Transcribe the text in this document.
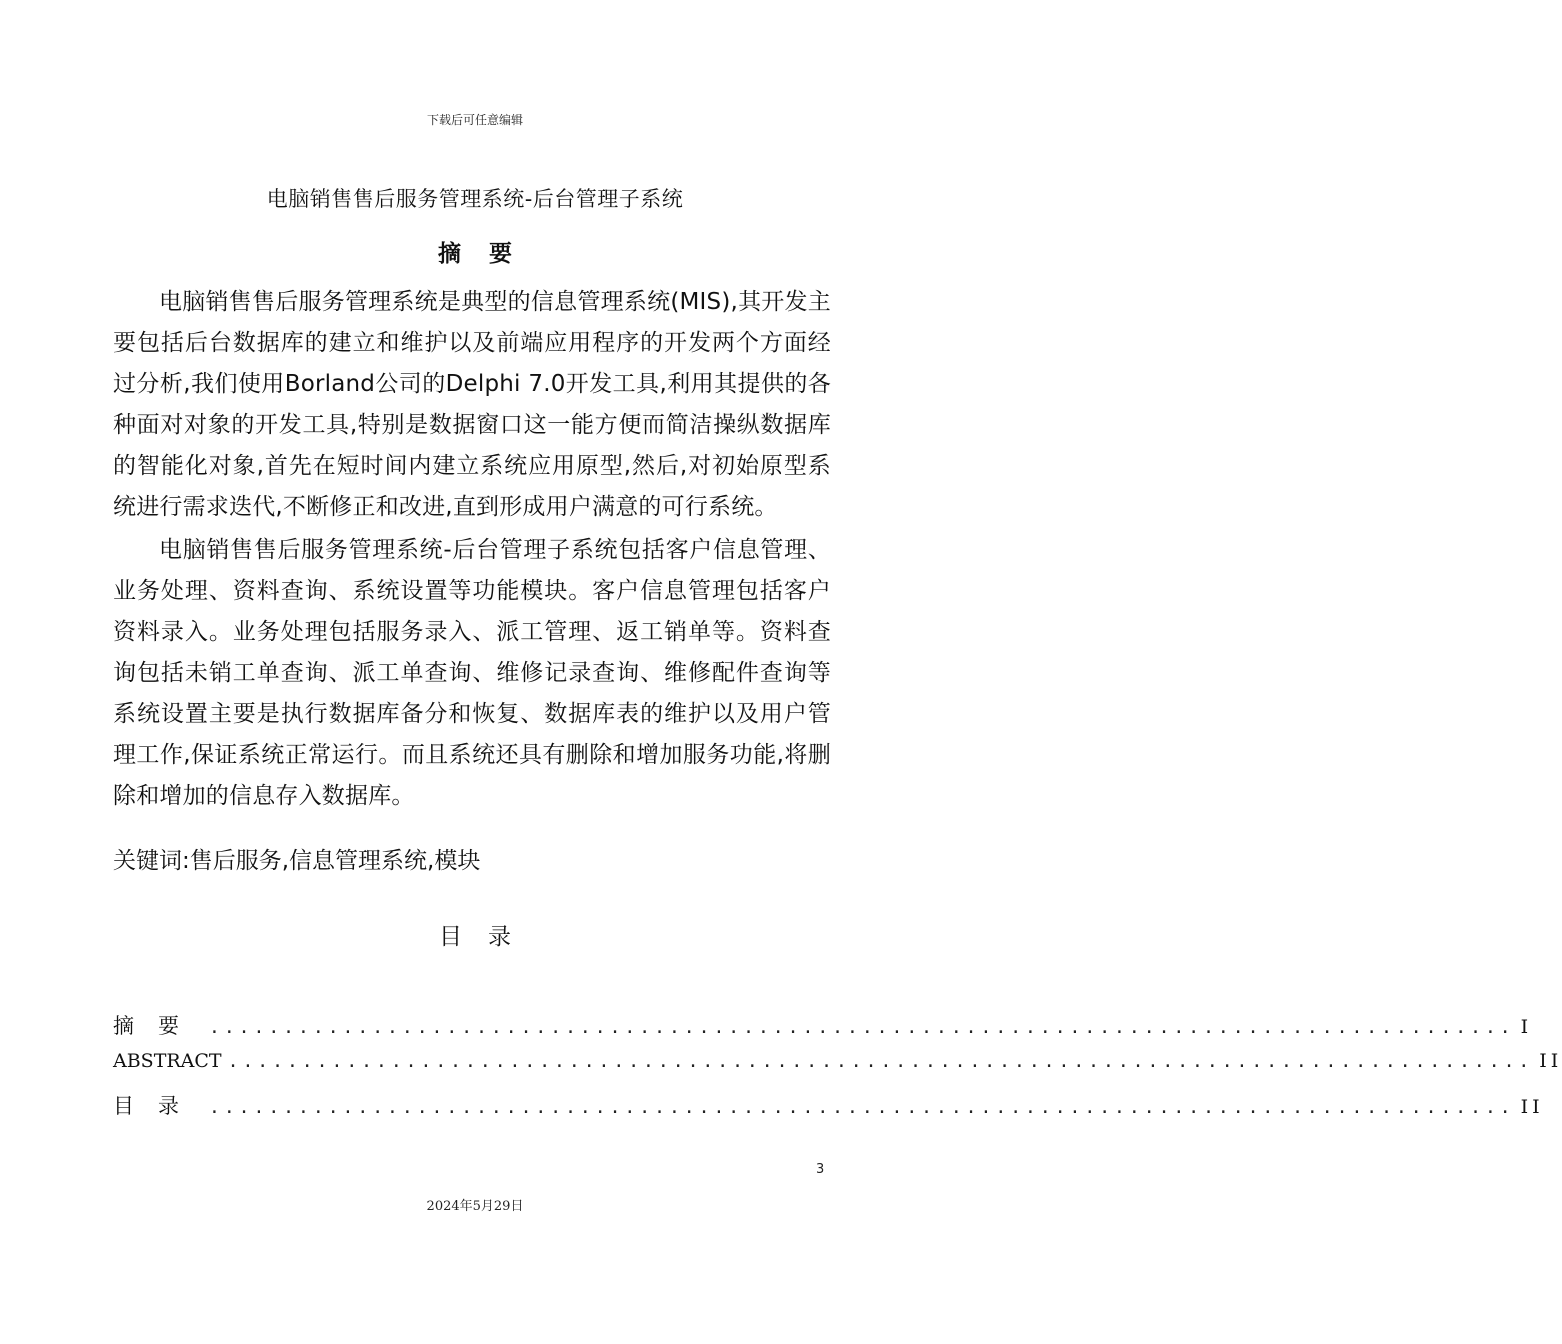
下载后可任意编辑
电脑销售售后服务管理系统-后台管理子系统
摘要
电脑销售售后服务管理系统是典型的信息管理系统(MIS),其开发主要包括后台数据库的建立和维护以及前端应用程序的开发两个方面经过分析,我们使用Borland公司的Delphi 7.0开发工具,利用其提供的各种面对对象的开发工具,特别是数据窗口这一能方便而简洁操纵数据库的智能化对象,首先在短时间内建立系统应用原型,然后,对初始原型系统进行需求迭代,不断修正和改进,直到形成用户满意的可行系统。
电脑销售售后服务管理系统-后台管理子系统包括客户信息管理、业务处理、资料查询、系统设置等功能模块。客户信息管理包括客户资料录入。业务处理包括服务录入、派工管理、返工销单等。资料查询包括未销工单查询、派工单查询、维修记录查询、维修配件查询等系统设置主要是执行数据库备分和恢复、数据库表的维护以及用户管理工作,保证系统正常运行。而且系统还具有删除和增加服务功能,将删除和增加的信息存入数据库。
关键词:售后服务,信息管理系统,模块
目录
摘要 ........................................................................................ I
ABSTRACT ........................................................................................ II
目录 ........................................................................................ II
3
2024年5月29日
